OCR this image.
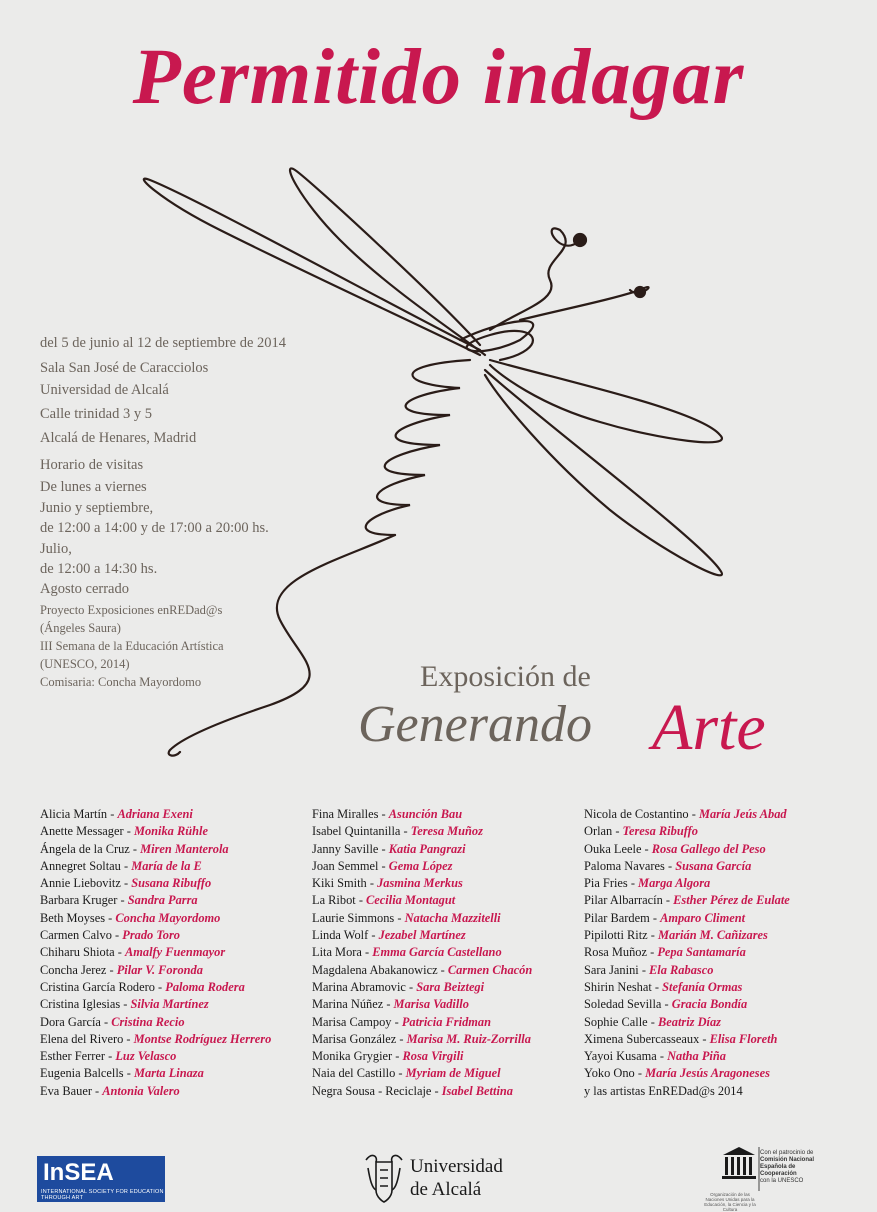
Permitido indagar
del 5 de junio al 12 de septiembre de 2014
Sala San José de Caracciolos
Universidad de Alcalá
Calle trinidad 3 y 5
Alcalá de Henares, Madrid
Horario de visitas
De lunes a viernes
Junio y septiembre,
de 12:00 a 14:00 y de 17:00 a 20:00 hs.
Julio,
de 12:00 a 14:30 hs.
Agosto cerrado
Proyecto Exposiciones enREDad@s
(Ángeles Saura)
III Semana de la Educación Artística
(UNESCO, 2014)
Comisaria: Concha Mayordomo	Exposición de
Generando Arte
Alicia Martín - Adriana Exeni
Anette Messager - Monika Rühle
Ángela de la Cruz - Miren Manterola
Annegret Soltau - María de la E
Annie Liebovitz - Susana Ribuffo
Barbara Kruger - Sandra Parra
Beth Moyses - Concha Mayordomo
Carmen Calvo - Prado Toro
Chiharu Shiota - Amalfy Fuenmayor
Concha Jerez - Pilar V. Foronda
Cristina García Rodero - Paloma Rodera
Cristina Iglesias - Silvia Martínez
Dora García - Cristina Recio
Elena del Rivero - Montse Rodríguez Herrero
Esther Ferrer - Luz Velasco
Eugenia Balcells - Marta Linaza
Eva Bauer - Antonia Valero
Fina Miralles - Asunción Bau
Isabel Quintanilla - Teresa Muñoz
Janny Saville - Katia Pangrazi
Joan Semmel - Gema López
Kiki Smith - Jasmina Merkus
La Ribot - Cecilia Montagut
Laurie Simmons - Natacha Mazzitelli
Linda Wolf - Jezabel Martínez
Lita Mora - Emma García Castellano
Magdalena Abakanowicz - Carmen Chacón
Marina Abramovic - Sara Beiztegi
Marina Núñez - Marisa Vadillo
Marisa Campoy - Patricia Fridman
Marisa González - Marisa M. Ruiz-Zorrilla
Monika Grygier - Rosa Virgili
Naia del Castillo - Myriam de Miguel
Negra Sousa - Reciclaje - Isabel Bettina
Nicola de Costantino - María Jeús Abad
Orlan - Teresa Ribuffo
Ouka Leele - Rosa Gallego del Peso
Paloma Navares - Susana García
Pia Fries - Marga Algora
Pilar Albarracín - Esther Pérez de Eulate
Pilar Bardem - Amparo Climent
Pipilotti Ritz - Marián M. Cañizares
Rosa Muñoz - Pepa Santamaría
Sara Janini - Ela Rabasco
Shirin Neshat - Stefanía Ormas
Soledad Sevilla - Gracia Bondía
Sophie Calle - Beatriz Díaz
Ximena Subercasseaux - Elisa Floreth
Yayoi Kusama - Natha Piña
Yoko Ono - María Jesús Aragoneses
y las artistas EnREDad@s 2014
InSEA
INTERNATIONAL SOCIETY FOR EDUCATION THROUGH ART
Universidad
de Alcalá
Con el patrocinio de
Comisión Nacional
Española de
Cooperación
con la UNESCO
Organización de las Naciones Unidas para la Educación, la Ciencia y la Cultura
